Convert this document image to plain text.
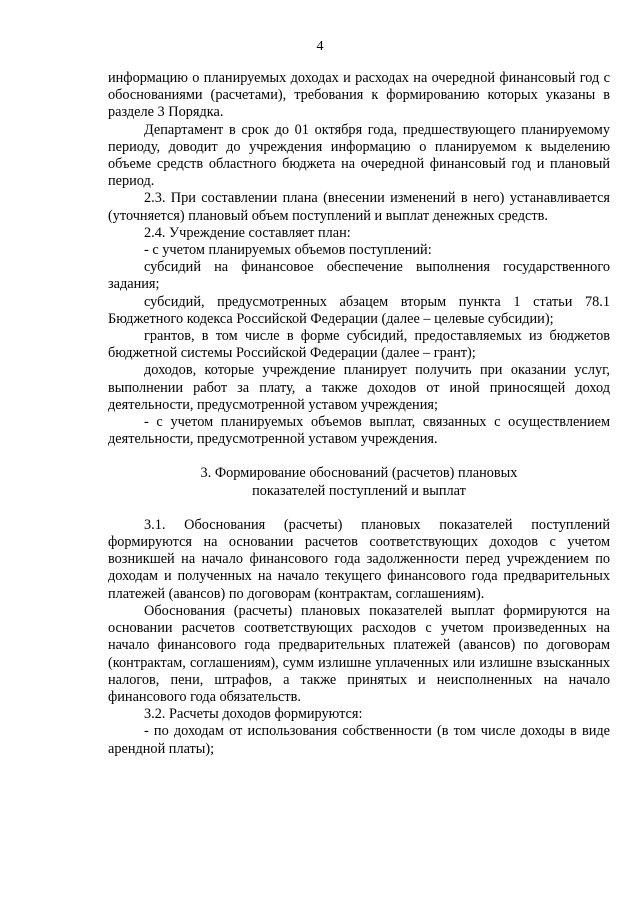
4

информацию о планируемых доходах и расходах на очередной финансовый год с обоснованиями (расчетами), требования к формированию которых указаны в разделе 3 Порядка.

Департамент в срок до 01 октября года, предшествующего планируемому периоду, доводит до учреждения информацию о планируемом к выделению объеме средств областного бюджета на очередной финансовый год и плановый период.

2.3. При составлении плана (внесении изменений в него) устанавливается (уточняется) плановый объем поступлений и выплат денежных средств.

2.4. Учреждение составляет план:

- с учетом планируемых объемов поступлений:

субсидий на финансовое обеспечение выполнения государственного задания;

субсидий, предусмотренных абзацем вторым пункта 1 статьи 78.1 Бюджетного кодекса Российской Федерации (далее – целевые субсидии);

грантов, в том числе в форме субсидий, предоставляемых из бюджетов бюджетной системы Российской Федерации (далее – грант);

доходов, которые учреждение планирует получить при оказании услуг, выполнении работ за плату, а также доходов от иной приносящей доход деятельности, предусмотренной уставом учреждения;

- с учетом планируемых объемов выплат, связанных с осуществлением деятельности, предусмотренной уставом учреждения.

3. Формирование обоснований (расчетов) плановых
показателей поступлений и выплат

3.1. Обоснования (расчеты) плановых показателей поступлений формируются на основании расчетов соответствующих доходов с учетом возникшей на начало финансового года задолженности перед учреждением по доходам и полученных на начало текущего финансового года предварительных платежей (авансов) по договорам (контрактам, соглашениям).

Обоснования (расчеты) плановых показателей выплат формируются на основании расчетов соответствующих расходов с учетом произведенных на начало финансового года предварительных платежей (авансов) по договорам (контрактам, соглашениям), сумм излишне уплаченных или излишне взысканных налогов, пени, штрафов, а также принятых и неисполненных на начало финансового года обязательств.

3.2. Расчеты доходов формируются:

- по доходам от использования собственности (в том числе доходы в виде арендной платы);
